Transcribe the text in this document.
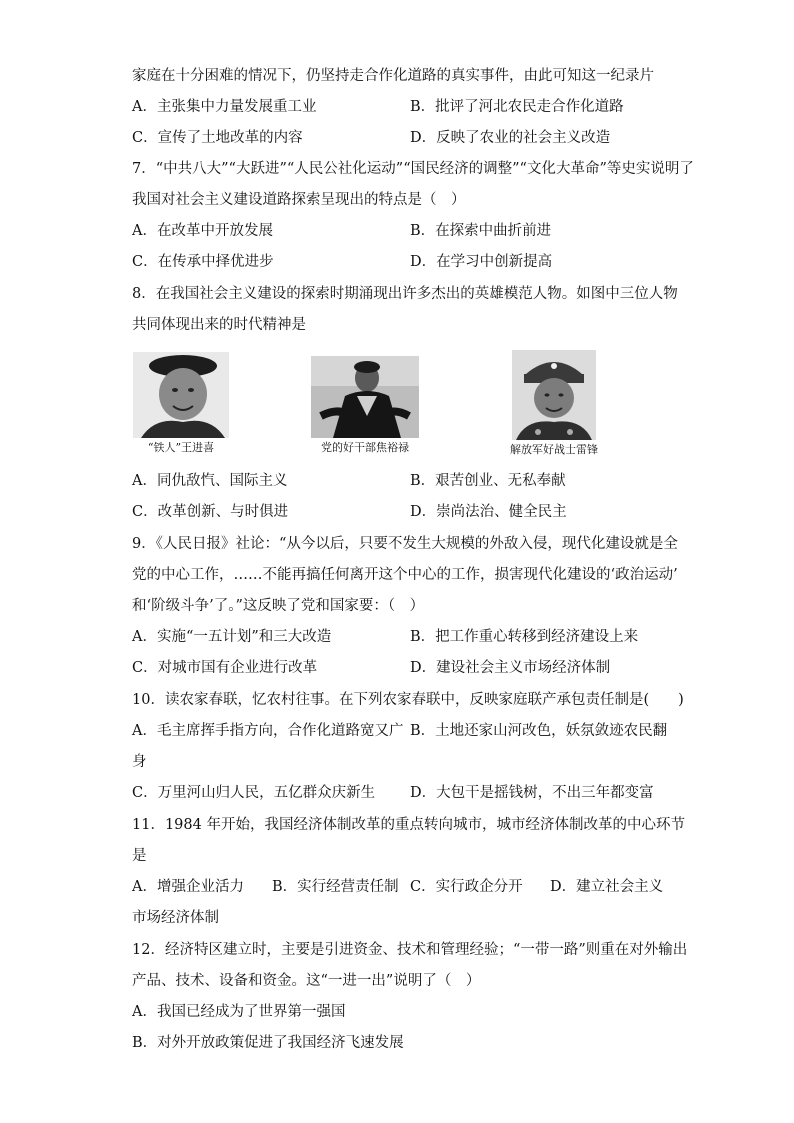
家庭在十分困难的情况下，仍坚持走合作化道路的真实事件，由此可知这一纪录片
A．主张集中力量发展重工业	B．批评了河北农民走合作化道路
C．宣传了土地改革的内容	D．反映了农业的社会主义改造
7．“中共八大”“大跃进”“人民公社化运动”“国民经济的调整”“文化大革命”等史实说明了
我国对社会主义建设道路探索呈现出的特点是（　）
A．在改革中开放发展	B．在探索中曲折前进
C．在传承中择优进步	D．在学习中创新提高
8．在我国社会主义建设的探索时期涌现出许多杰出的英雄模范人物。如图中三位人物
共同体现出来的时代精神是
“铁人”王进喜	党的好干部焦裕禄	解放军好战士雷锋
A．同仇敌忾、国际主义	B．艰苦创业、无私奉献
C．改革创新、与时俱进	D．崇尚法治、健全民主
9．《人民日报》社论：“从今以后，只要不发生大规模的外敌入侵，现代化建设就是全
党的中心工作，……不能再搞任何离开这个中心的工作，损害现代化建设的‘政治运动’
和‘阶级斗争’了。”这反映了党和国家要：（　）
A．实施“一五计划”和三大改造	B．把工作重心转移到经济建设上来
C．对城市国有企业进行改革	D．建设社会主义市场经济体制
10．读农家春联，忆农村往事。在下列农家春联中，反映家庭联产承包责任制是(　　)
A．毛主席挥手指方向，合作化道路宽又广 B．土地还家山河改色，妖氛敛迹农民翻
身
C．万里河山归人民，五亿群众庆新生 D．大包干是摇钱树，不出三年都变富
11．1984 年开始，我国经济体制改革的重点转向城市，城市经济体制改革的中心环节
是
A．增强企业活力 B．实行经营责任制 C．实行政企分开 D．建立社会主义
市场经济体制
12．经济特区建立时，主要是引进资金、技术和管理经验；“一带一路”则重在对外输出
产品、技术、设备和资金。这“一进一出”说明了（　）
A．我国已经成为了世界第一强国
B．对外开放政策促进了我国经济飞速发展
